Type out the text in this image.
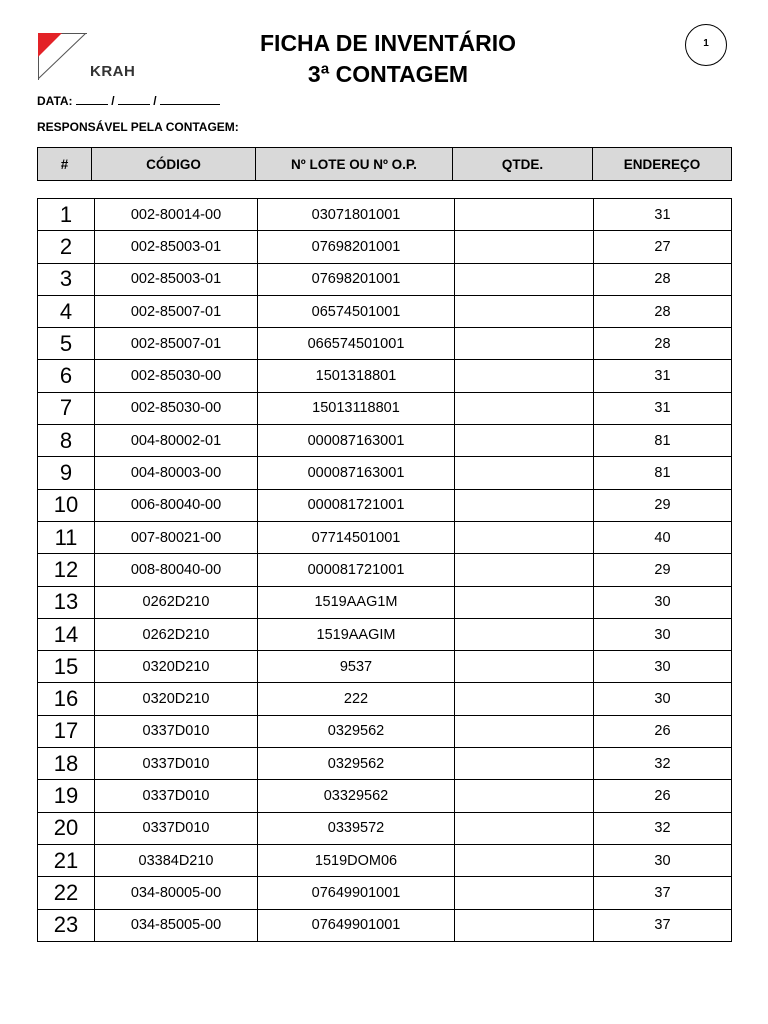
KRAH
FICHA DE INVENTÁRIO
3ª CONTAGEM
1
DATA:	/	/
RESPONSÁVEL PELA CONTAGEM:
#	CÓDIGO	Nº LOTE OU Nº O.P.	QTDE.	ENDEREÇO
1	002-80014-00	03071801001		31
2	002-85003-01	07698201001		27
3	002-85003-01	07698201001		28
4	002-85007-01	06574501001		28
5	002-85007-01	066574501001		28
6	002-85030-00	1501318801		31
7	002-85030-00	15013118801		31
8	004-80002-01	000087163001		81
9	004-80003-00	000087163001		81
10	006-80040-00	000081721001		29
11	007-80021-00	07714501001		40
12	008-80040-00	000081721001		29
13	0262D210	1519AAG1M		30
14	0262D210	1519AAGIM		30
15	0320D210	9537		30
16	0320D210	222		30
17	0337D010	0329562		26
18	0337D010	0329562		32
19	0337D010	03329562		26
20	0337D010	0339572		32
21	03384D210	1519DOM06		30
22	034-80005-00	07649901001		37
23	034-85005-00	07649901001		37
